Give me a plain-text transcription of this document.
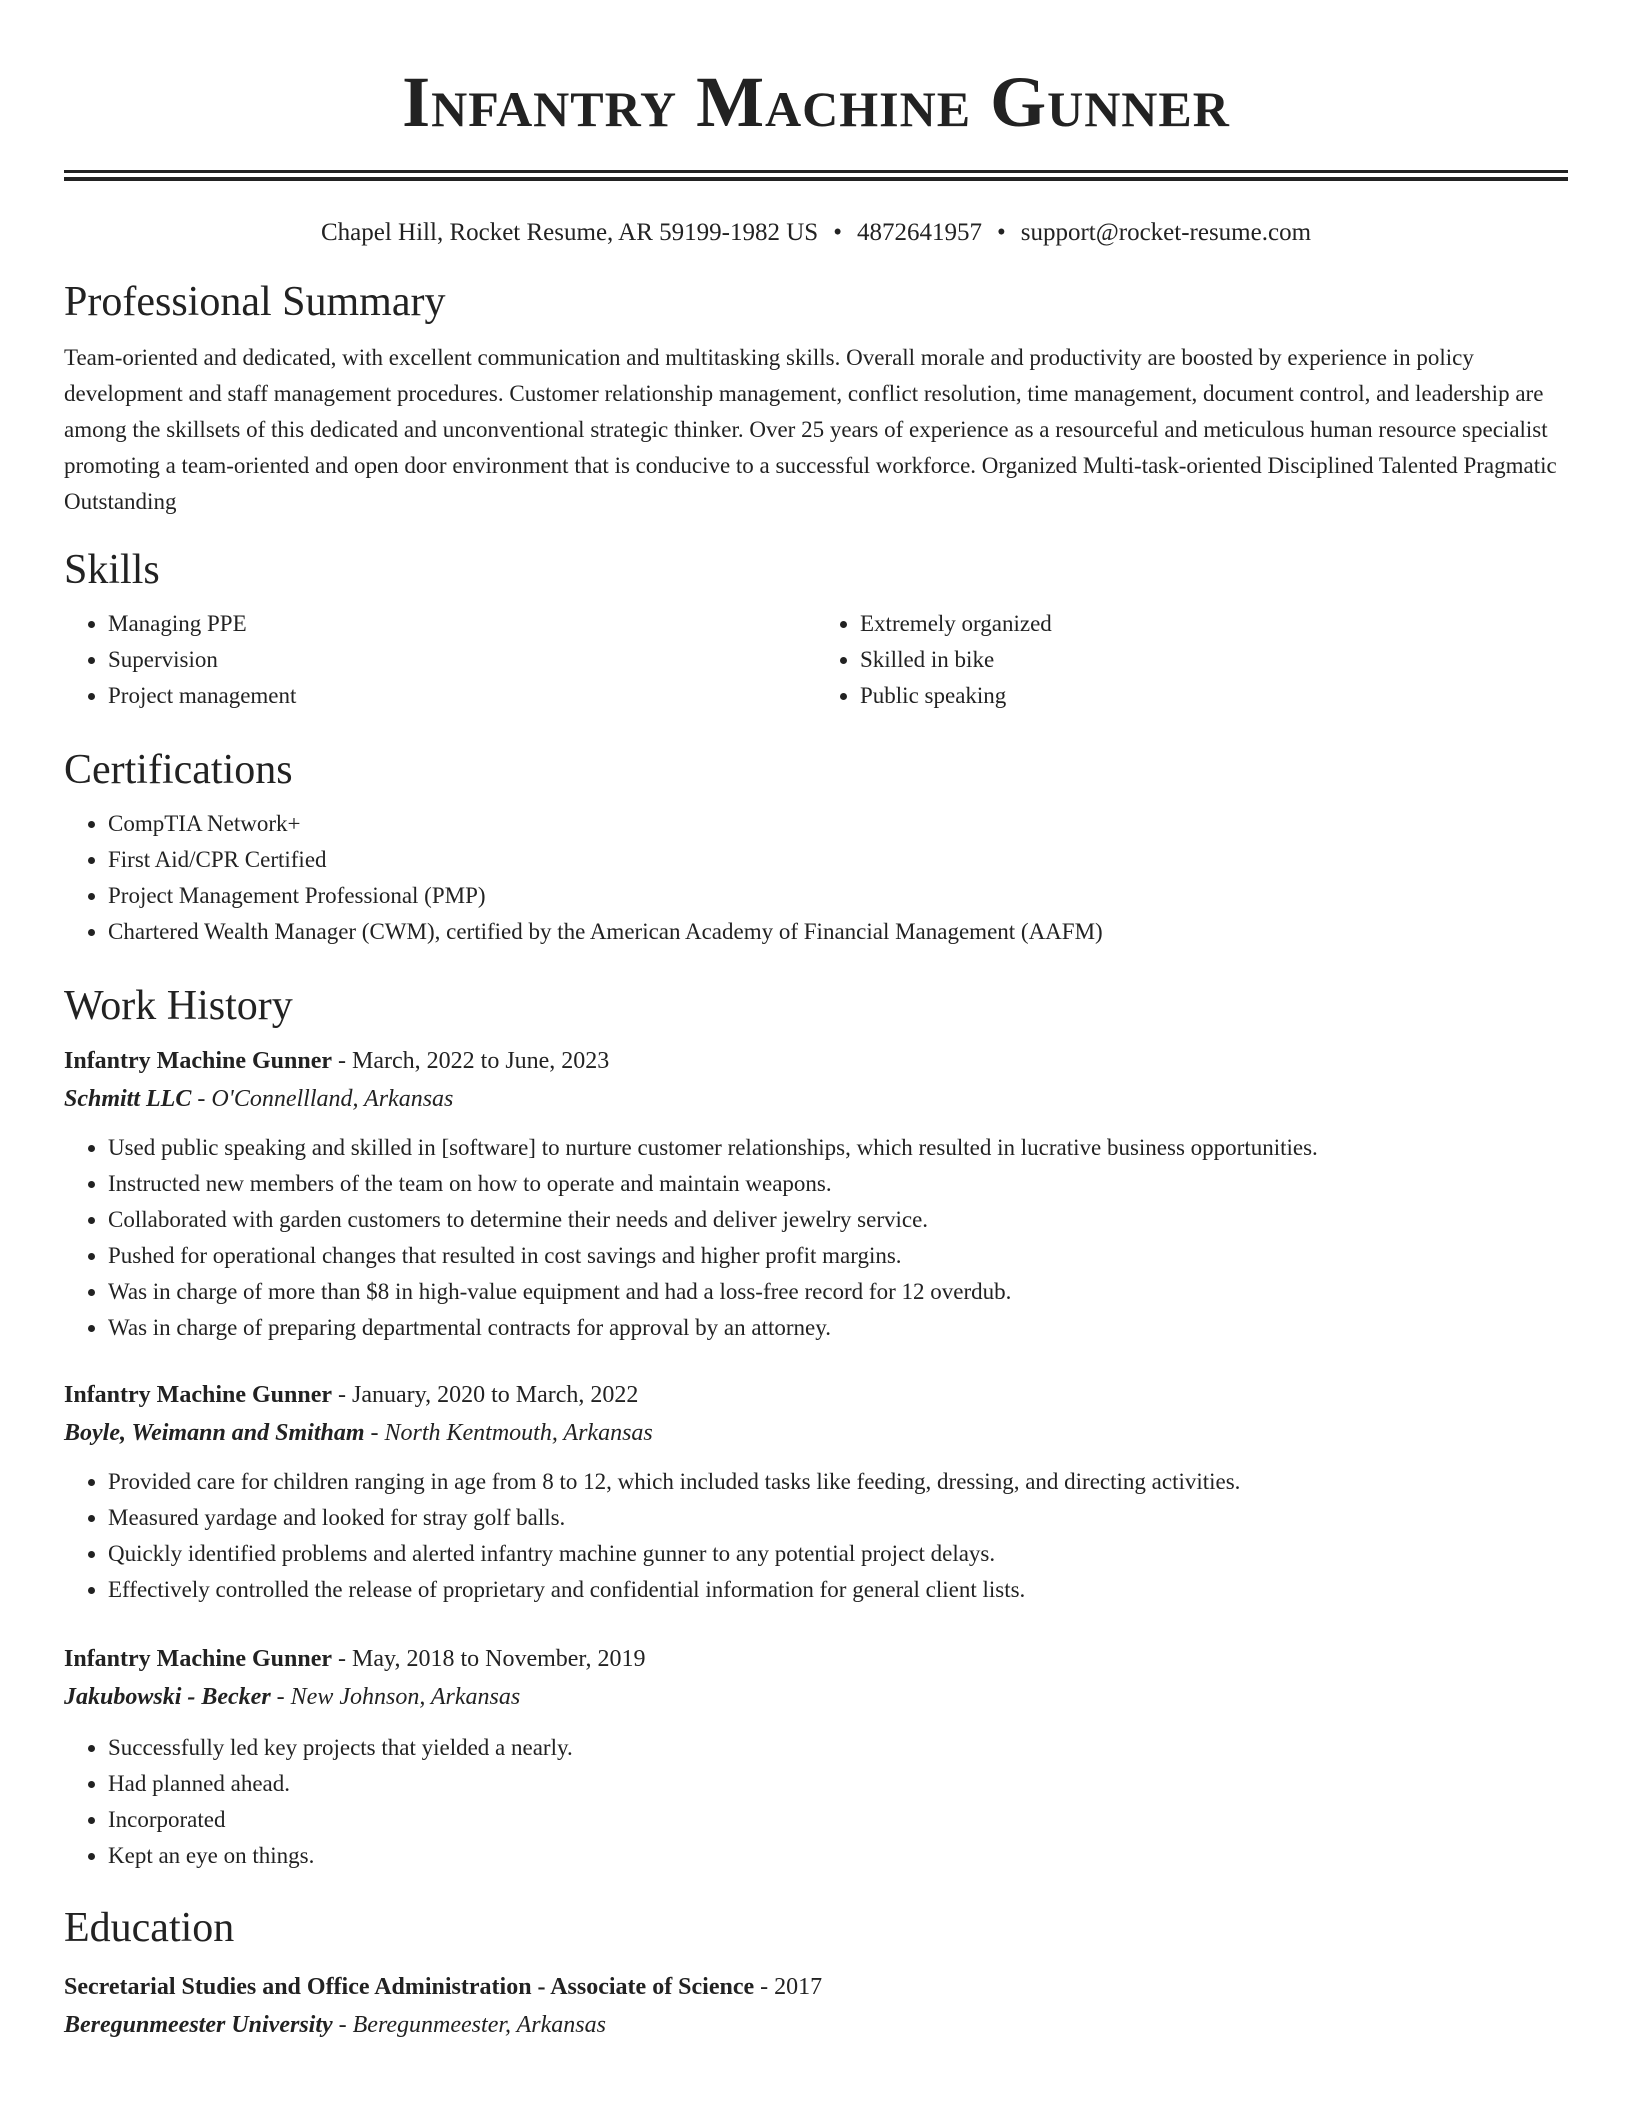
Infantry Machine Gunner
Chapel Hill, Rocket Resume, AR 59199-1982 US • 4872641957 • support@rocket-resume.com
Professional Summary

Team-oriented and dedicated, with excellent communication and multitasking skills. Overall morale and productivity are boosted by experience in policy development and staff management procedures. Customer relationship management, conflict resolution, time management, document control, and leadership are among the skillsets of this dedicated and unconventional strategic thinker. Over 25 years of experience as a resourceful and meticulous human resource specialist promoting a team-oriented and open door environment that is conducive to a successful workforce. Organized Multi-task-oriented Disciplined Talented Pragmatic Outstanding

Skills
• Managing PPE
• Supervision
• Project management
• Extremely organized
• Skilled in bike
• Public speaking
Certifications
• CompTIA Network+
• First Aid/CPR Certified
• Project Management Professional (PMP)
• Chartered Wealth Manager (CWM), certified by the American Academy of Financial Management (AAFM)
Work History
Infantry Machine Gunner - March, 2022 to June, 2023
Schmitt LLC - O'Connellland, Arkansas
• Used public speaking and skilled in [software] to nurture customer relationships, which resulted in lucrative business opportunities.
• Instructed new members of the team on how to operate and maintain weapons.
• Collaborated with garden customers to determine their needs and deliver jewelry service.
• Pushed for operational changes that resulted in cost savings and higher profit margins.
• Was in charge of more than $8 in high-value equipment and had a loss-free record for 12 overdub.
• Was in charge of preparing departmental contracts for approval by an attorney.
Infantry Machine Gunner - January, 2020 to March, 2022
Boyle, Weimann and Smitham - North Kentmouth, Arkansas
• Provided care for children ranging in age from 8 to 12, which included tasks like feeding, dressing, and directing activities.
• Measured yardage and looked for stray golf balls.
• Quickly identified problems and alerted infantry machine gunner to any potential project delays.
• Effectively controlled the release of proprietary and confidential information for general client lists.
Infantry Machine Gunner - May, 2018 to November, 2019
Jakubowski - Becker - New Johnson, Arkansas
• Successfully led key projects that yielded a nearly.
• Had planned ahead.
• Incorporated
• Kept an eye on things.
Education
Secretarial Studies and Office Administration - Associate of Science - 2017
Beregunmeester University - Beregunmeester, Arkansas
